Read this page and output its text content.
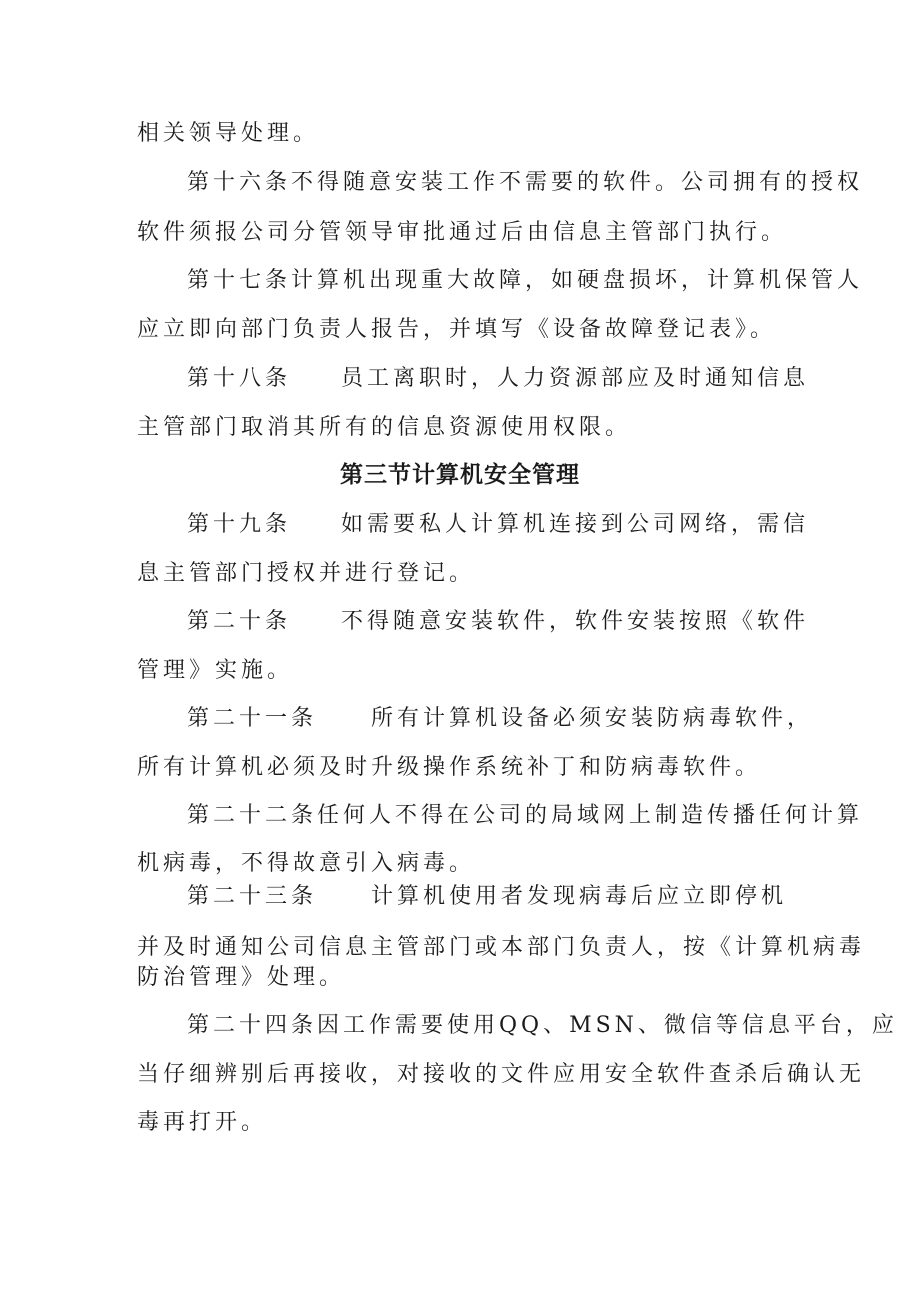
相关领导处理。
第十六条不得随意安装工作不需要的软件。公司拥有的授权
软件须报公司分管领导审批通过后由信息主管部门执行。
第十七条计算机出现重大故障，如硬盘损坏，计算机保管人
应立即向部门负责人报告，并填写《设备故障登记表》。
第十八条 员工离职时，人力资源部应及时通知信息
主管部门取消其所有的信息资源使用权限。
第三节计算机安全管理
第十九条 如需要私人计算机连接到公司网络，需信
息主管部门授权并进行登记。
第二十条 不得随意安装软件，软件安装按照《软件
管理》实施。
第二十一条 所有计算机设备必须安装防病毒软件，
所有计算机必须及时升级操作系统补丁和防病毒软件。
第二十二条任何人不得在公司的局域网上制造传播任何计算
机病毒，不得故意引入病毒。
第二十三条 计算机使用者发现病毒后应立即停机
并及时通知公司信息主管部门或本部门负责人，按《计算机病毒
防治管理》处理。
第二十四条因工作需要使用QQ、MSN、微信等信息平台，应
当仔细辨别后再接收，对接收的文件应用安全软件查杀后确认无
毒再打开。
